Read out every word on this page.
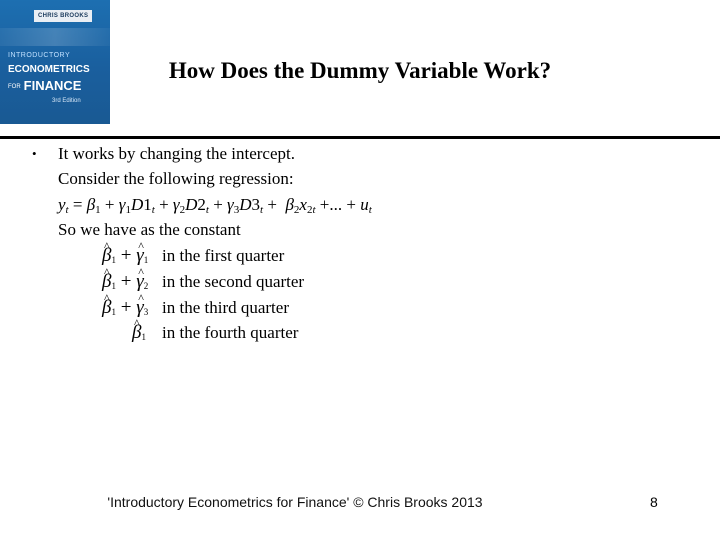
CHRIS BROOKS
INTRODUCTORY
ECONOMETRICS
FOR FINANCE
3rd Edition
How Does the Dummy Variable Work?
• It works by changing the intercept.
Consider the following regression:
$y_t = \beta_1 + \gamma_1D1_t + \gamma_2D2_t + \gamma_3D3_t + \beta_2x_{2t}$ +... + $u_t$
So we have as the constant
^ $\beta_1$ + ^ $\gamma_1$ in the first quarter
^ $\beta_1$ + ^ $\gamma_2$ in the second quarter
^ $\beta_1$ + ^ $\gamma_3$ in the third quarter
^ $\beta_1$ in the fourth quarter
'Introductory Econometrics for Finance' © Chris Brooks 2013	8
